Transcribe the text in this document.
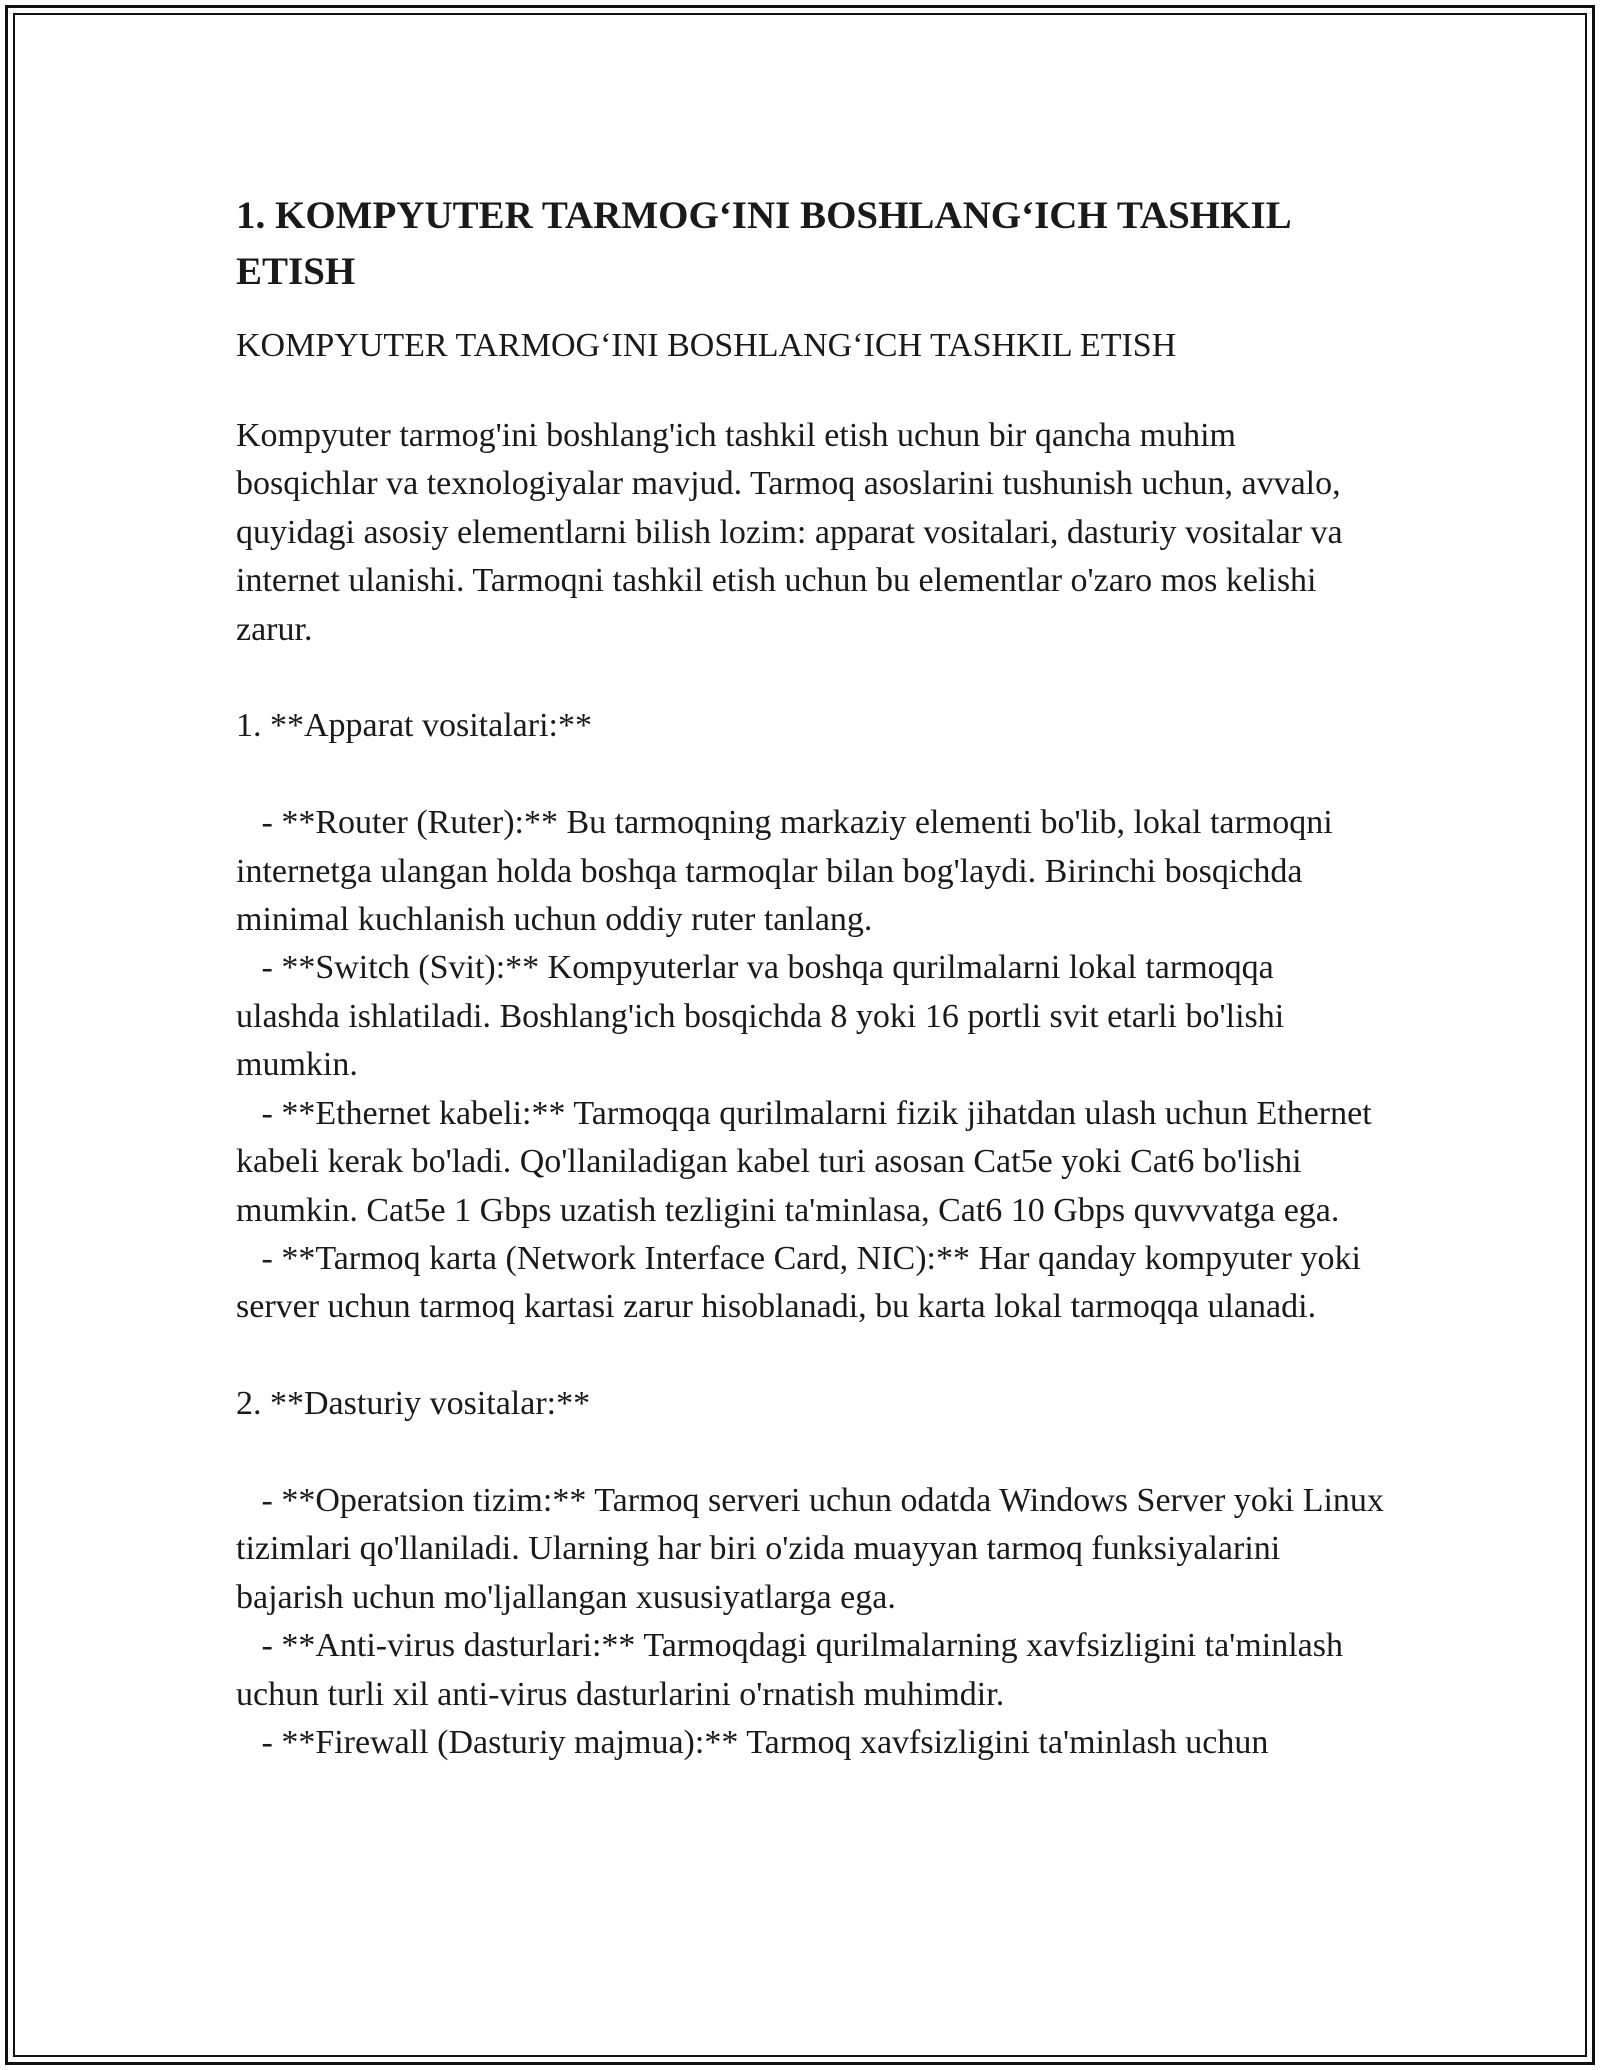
1. KOMPYUTER TARMOG‘INI BOSHLANG‘ICH TASHKIL ETISH

KOMPYUTER TARMOG‘INI BOSHLANG‘ICH TASHKIL ETISH

Kompyuter tarmog'ini boshlang'ich tashkil etish uchun bir qancha muhim bosqichlar va texnologiyalar mavjud. Tarmoq asoslarini tushunish uchun, avvalo, quyidagi asosiy elementlarni bilish lozim: apparat vositalari, dasturiy vositalar va internet ulanishi. Tarmoqni tashkil etish uchun bu elementlar o'zaro mos kelishi zarur.

1. **Apparat vositalari:**

- **Router (Ruter):** Bu tarmoqning markaziy elementi bo'lib, lokal tarmoqni internetga ulangan holda boshqa tarmoqlar bilan bog'laydi. Birinchi bosqichda minimal kuchlanish uchun oddiy ruter tanlang.
- **Switch (Svit):** Kompyuterlar va boshqa qurilmalarni lokal tarmoqqa ulashda ishlatiladi. Boshlang'ich bosqichda 8 yoki 16 portli svit etarli bo'lishi mumkin.
- **Ethernet kabeli:** Tarmoqqa qurilmalarni fizik jihatdan ulash uchun Ethernet kabeli kerak bo'ladi. Qo'llaniladigan kabel turi asosan Cat5e yoki Cat6 bo'lishi mumkin. Cat5e 1 Gbps uzatish tezligini ta'minlasa, Cat6 10 Gbps quvvvatga ega.
- **Tarmoq karta (Network Interface Card, NIC):** Har qanday kompyuter yoki server uchun tarmoq kartasi zarur hisoblanadi, bu karta lokal tarmoqqa ulanadi.

2. **Dasturiy vositalar:**

- **Operatsion tizim:** Tarmoq serveri uchun odatda Windows Server yoki Linux tizimlari qo'llaniladi. Ularning har biri o'zida muayyan tarmoq funksiyalarini bajarish uchun mo'ljallangan xususiyatlarga ega.
- **Anti-virus dasturlari:** Tarmoqdagi qurilmalarning xavfsizligini ta'minlash uchun turli xil anti-virus dasturlarini o'rnatish muhimdir.
- **Firewall (Dasturiy majmua):** Tarmoq xavfsizligini ta'minlash uchun
